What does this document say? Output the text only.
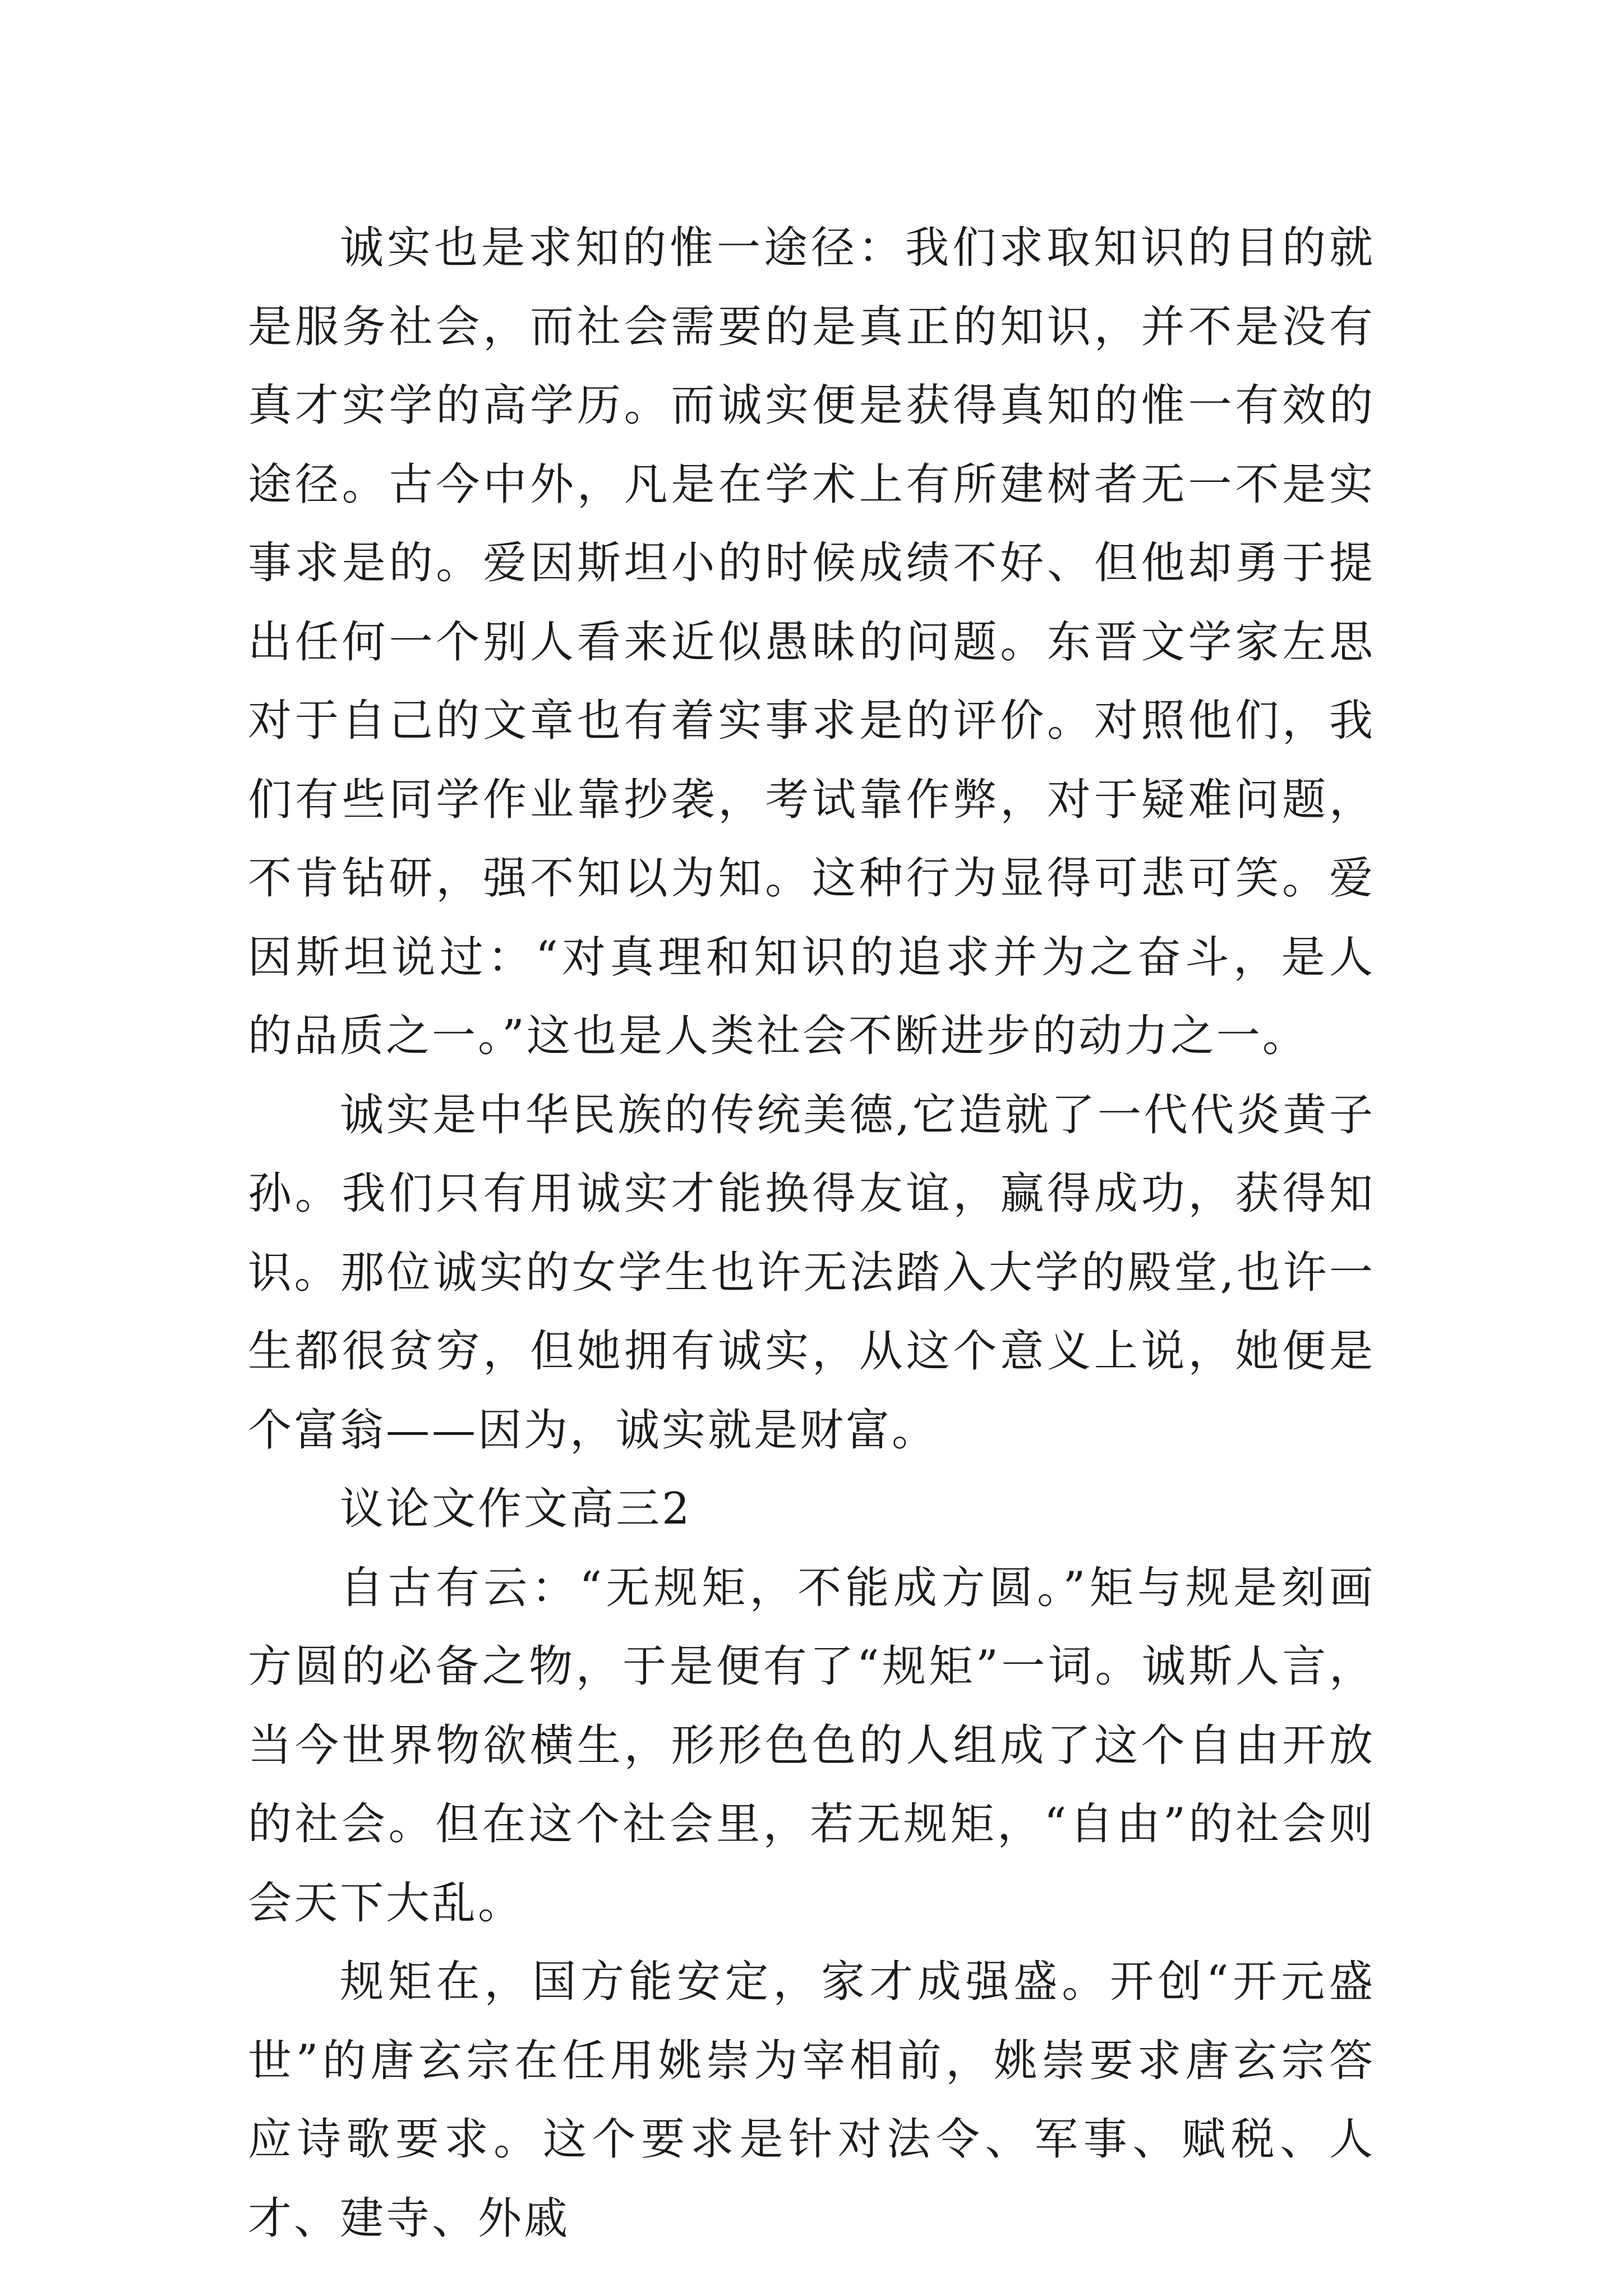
诚实也是求知的惟一途径：我们求取知识的目的就是服务社会，而社会需要的是真正的知识，并不是没有真才实学的高学历。而诚实便是获得真知的惟一有效的途径。古今中外，凡是在学术上有所建树者无一不是实事求是的。爱因斯坦小的时候成绩不好、但他却勇于提出任何一个别人看来近似愚昧的问题。东晋文学家左思对于自己的文章也有着实事求是的评价。对照他们，我们有些同学作业靠抄袭，考试靠作弊，对于疑难问题，不肯钻研，强不知以为知。这种行为显得可悲可笑。爱因斯坦说过：“对真理和知识的追求并为之奋斗，是人的品质之一。”这也是人类社会不断进步的动力之一。

诚实是中华民族的传统美德,它造就了一代代炎黄子孙。我们只有用诚实才能换得友谊，赢得成功，获得知识。那位诚实的女学生也许无法踏入大学的殿堂,也许一生都很贫穷，但她拥有诚实，从这个意义上说，她便是个富翁——因为，诚实就是财富。

议论文作文高三2

自古有云：“无规矩，不能成方圆。”矩与规是刻画方圆的必备之物，于是便有了“规矩”一词。诚斯人言，当今世界物欲横生，形形色色的人组成了这个自由开放的社会。但在这个社会里，若无规矩，“自由”的社会则会天下大乱。

规矩在，国方能安定，家才成强盛。开创“开元盛世”的唐玄宗在任用姚崇为宰相前，姚崇要求唐玄宗答应诗歌要求。这个要求是针对法令、军事、赋税、人才、建寺、外戚
